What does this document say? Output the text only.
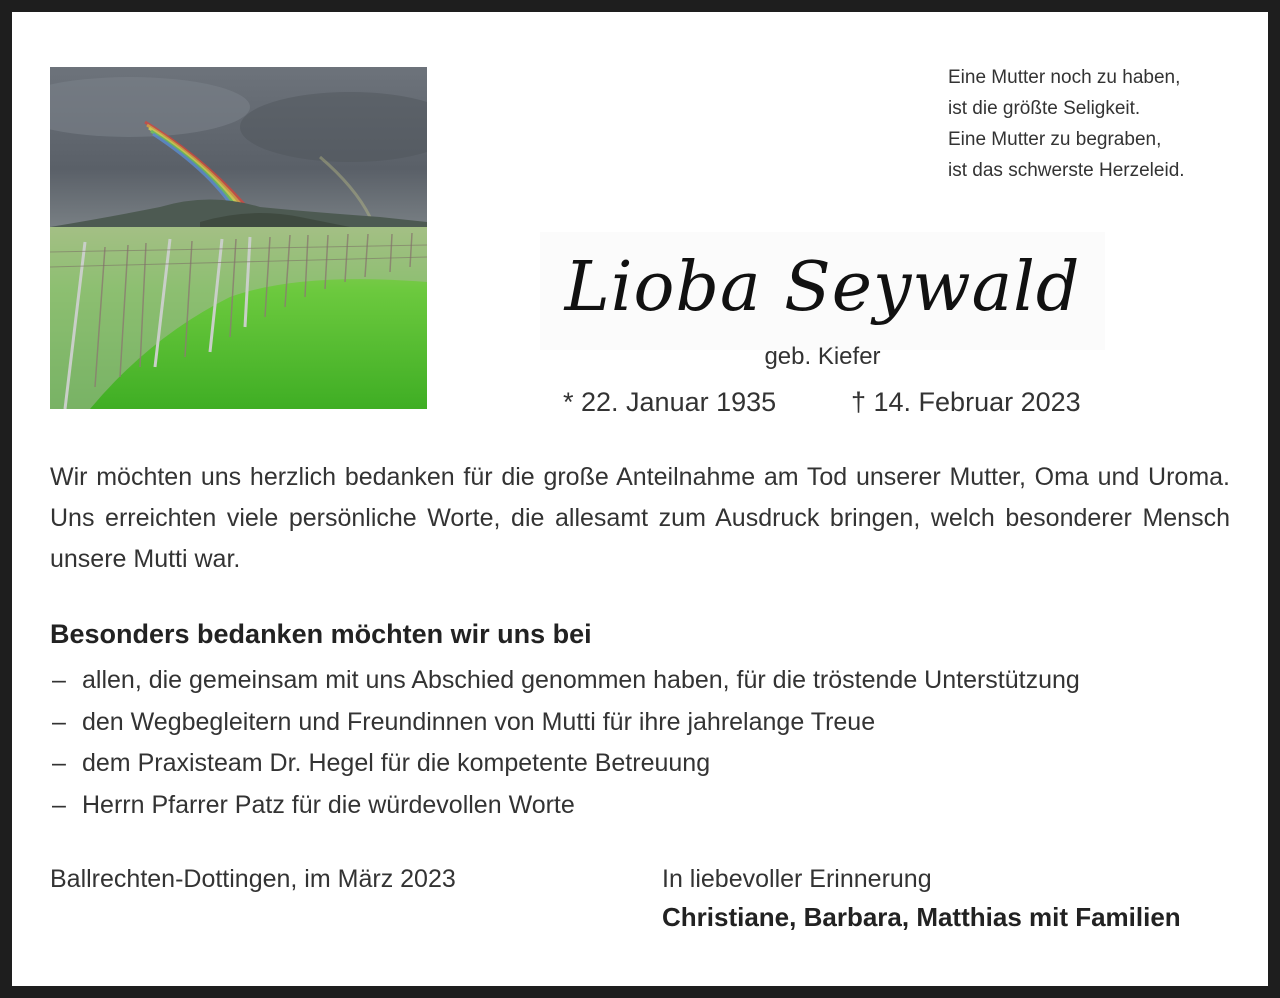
Eine Mutter noch zu haben,
ist die größte Seligkeit.
Eine Mutter zu begraben,
ist das schwerste Herzeleid.
Lioba Seywald
geb. Kiefer
* 22. Januar 1935	† 14. Februar 2023
Wir möchten uns herzlich bedanken für die große Anteilnahme am Tod unserer Mutter, Oma und Uroma. Uns erreichten viele persönliche Worte, die allesamt zum Ausdruck bringen, welch besonderer Mensch unsere Mutti war.
Besonders bedanken möchten wir uns bei
– allen, die gemeinsam mit uns Abschied genommen haben, für die tröstende Unterstützung
– den Wegbegleitern und Freundinnen von Mutti für ihre jahrelange Treue
– dem Praxisteam Dr. Hegel für die kompetente Betreuung
– Herrn Pfarrer Patz für die würdevollen Worte
Ballrechten-Dottingen, im März 2023	In liebevoller Erinnerung
Christiane, Barbara, Matthias mit Familien
